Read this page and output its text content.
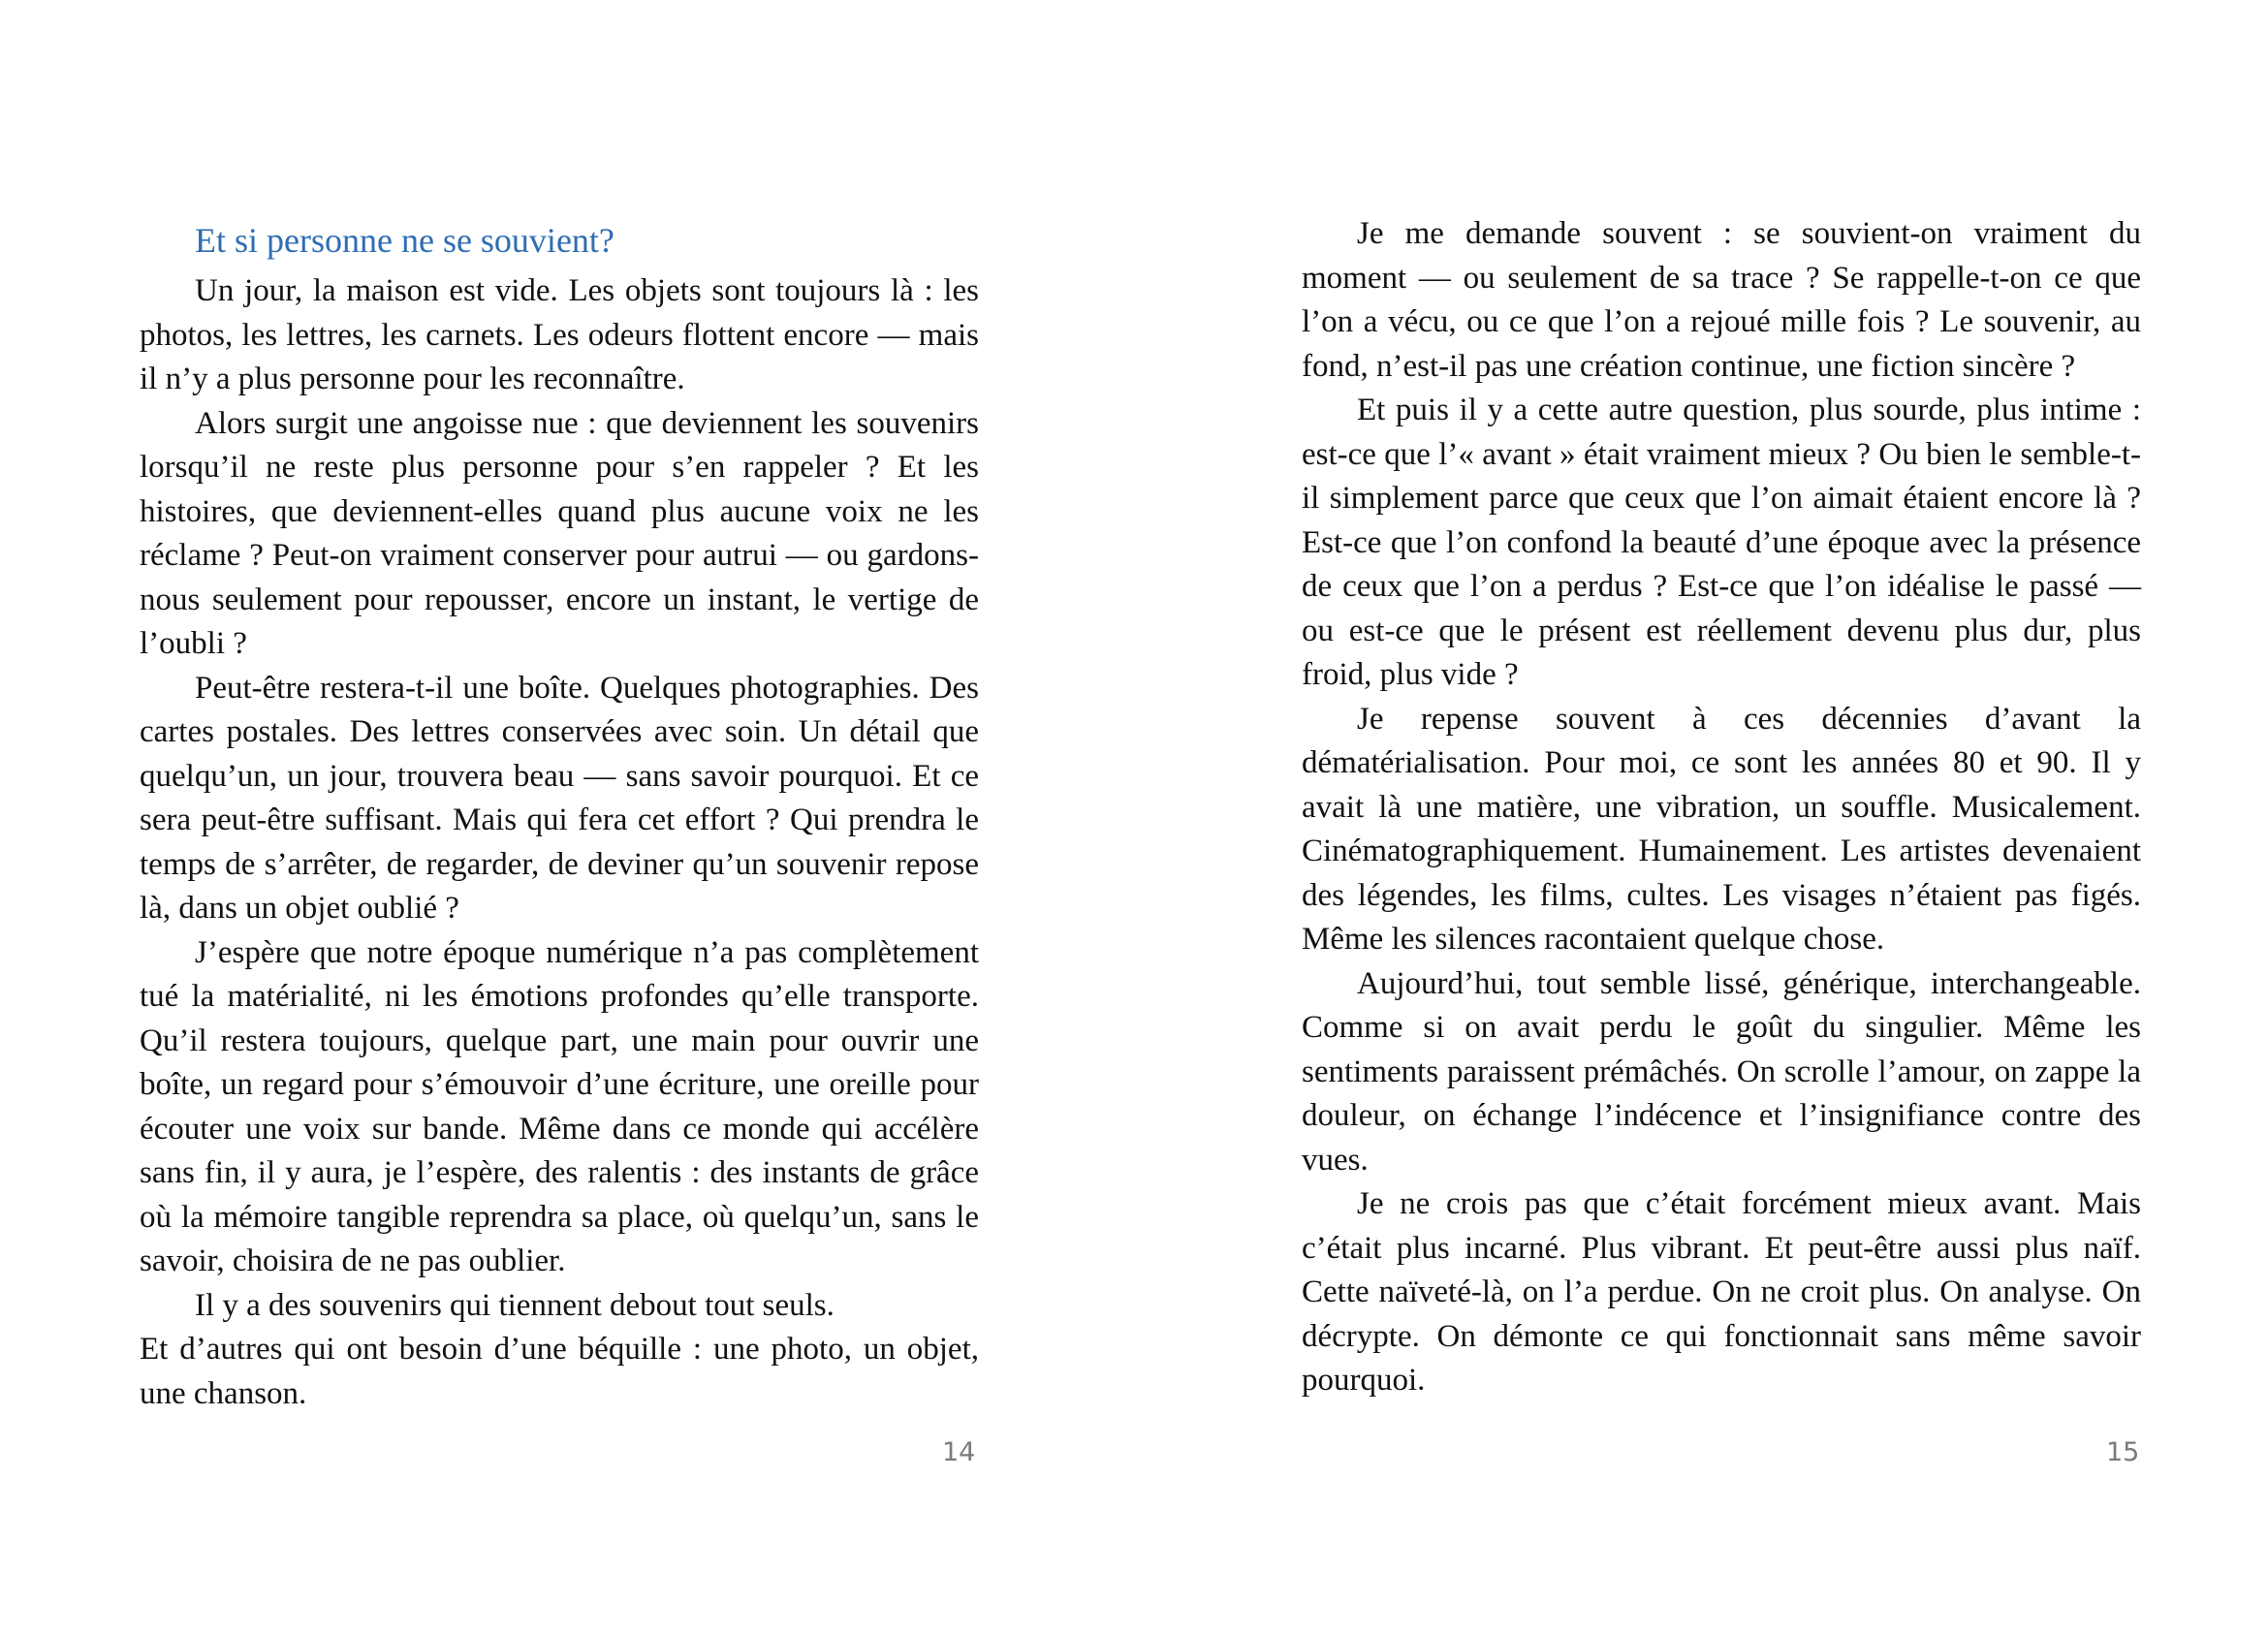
Et si personne ne se souvient?

Un jour, la maison est vide. Les objets sont toujours là : les photos, les lettres, les carnets. Les odeurs flottent encore — mais il n’y a plus personne pour les reconnaître.

Alors surgit une angoisse nue : que deviennent les souvenirs lorsqu’il ne reste plus personne pour s’en rappeler ? Et les histoires, que deviennent-elles quand plus aucune voix ne les réclame ? Peut-on vraiment conserver pour autrui — ou gardons-nous seulement pour repousser, encore un instant, le vertige de l’oubli ?

Peut-être restera-t-il une boîte. Quelques photographies. Des cartes postales. Des lettres conservées avec soin. Un détail que quelqu’un, un jour, trouvera beau — sans savoir pourquoi. Et ce sera peut-être suffisant. Mais qui fera cet effort ? Qui prendra le temps de s’arrêter, de regarder, de deviner qu’un souvenir repose là, dans un objet oublié ?

J’espère que notre époque numérique n’a pas complètement tué la matérialité, ni les émotions profondes qu’elle transporte. Qu’il restera toujours, quelque part, une main pour ouvrir une boîte, un regard pour s’émouvoir d’une écriture, une oreille pour écouter une voix sur bande. Même dans ce monde qui accélère sans fin, il y aura, je l’espère, des ralentis : des instants de grâce où la mémoire tangible reprendra sa place, où quelqu’un, sans le savoir, choisira de ne pas oublier.

Il y a des souvenirs qui tiennent debout tout seuls.

Et d’autres qui ont besoin d’une béquille : une photo, un objet, une chanson.

14

Je me demande souvent : se souvient-on vraiment du moment — ou seulement de sa trace ? Se rappelle-t-on ce que l’on a vécu, ou ce que l’on a rejoué mille fois ? Le souvenir, au fond, n’est-il pas une création continue, une fiction sincère ?

Et puis il y a cette autre question, plus sourde, plus intime : est-ce que l’« avant » était vraiment mieux ? Ou bien le semble-t-il simplement parce que ceux que l’on aimait étaient encore là ? Est-ce que l’on confond la beauté d’une époque avec la présence de ceux que l’on a perdus ? Est-ce que l’on idéalise le passé — ou est-ce que le présent est réellement devenu plus dur, plus froid, plus vide ?

Je repense souvent à ces décennies d’avant la dématérialisation. Pour moi, ce sont les années 80 et 90. Il y avait là une matière, une vibration, un souffle. Musicalement. Cinématographiquement. Humainement. Les artistes devenaient des légendes, les films, cultes. Les visages n’étaient pas figés. Même les silences racontaient quelque chose.

Aujourd’hui, tout semble lissé, générique, interchangeable. Comme si on avait perdu le goût du singulier. Même les sentiments paraissent prémâchés. On scrolle l’amour, on zappe la douleur, on échange l’indécence et l’insignifiance contre des vues.

Je ne crois pas que c’était forcément mieux avant. Mais c’était plus incarné. Plus vibrant. Et peut-être aussi plus naïf. Cette naïveté-là, on l’a perdue. On ne croit plus. On analyse. On décrypte. On démonte ce qui fonctionnait sans même savoir pourquoi.

15
